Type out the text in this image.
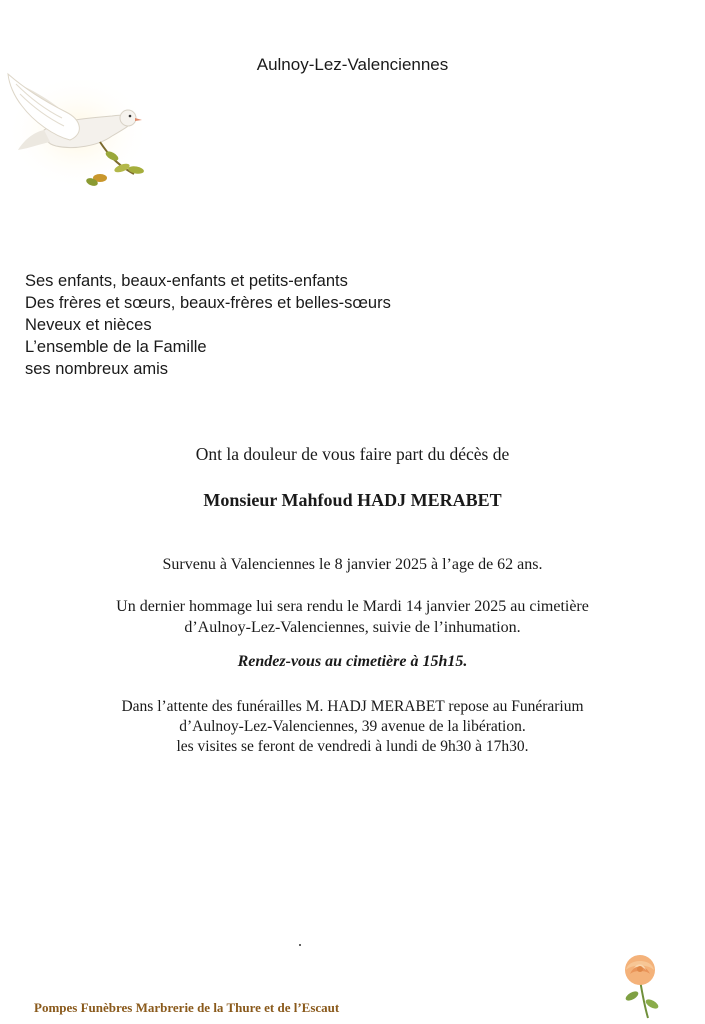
Aulnoy-Lez-Valenciennes
Ses enfants, beaux-enfants et petits-enfants
Des frères et sœurs, beaux-frères et belles-sœurs
Neveux et nièces
L’ensemble de la Famille
ses nombreux amis
Ont la douleur de vous faire part du décès de
Monsieur Mahfoud HADJ MERABET
Survenu à Valenciennes le 8 janvier 2025 à l’age de 62 ans.
Un dernier hommage lui sera rendu le Mardi 14 janvier 2025 au cimetière
d’Aulnoy-Lez-Valenciennes, suivie de l’inhumation.
Rendez-vous au cimetière à 15h15.
Dans l’attente des funérailles M. HADJ MERABET repose au Funérarium
d’Aulnoy-Lez-Valenciennes, 39 avenue de la libération.
les visites se feront de vendredi à lundi de 9h30 à 17h30.
Pompes Funèbres Marbrerie de la Thure et de l’Escaut
